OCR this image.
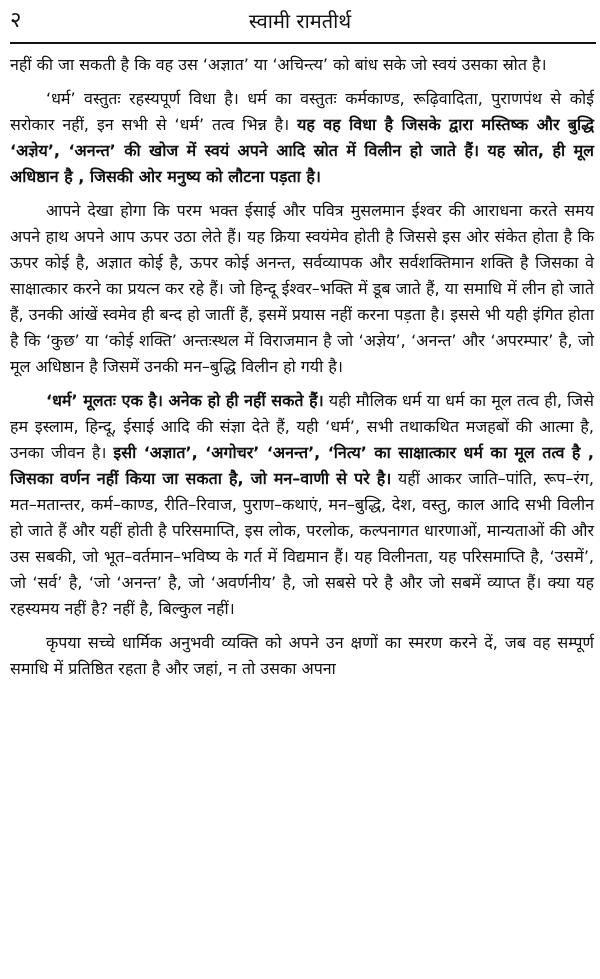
२	स्वामी रामतीर्थ

नहीं की जा सकती है कि वह उस ‘अज्ञात’ या ‘अचिन्त्य’ को बांध सके जो स्वयं उसका स्रोत है।

‘धर्म’ वस्तुतः रहस्यपूर्ण विधा है। धर्म का वस्तुतः कर्मकाण्ड, रूढ़िवादिता, पुराणपंथ से कोई सरोकार नहीं, इन सभी से ‘धर्म’ तत्व भिन्न है। यह वह विधा है जिसके द्वारा मस्तिष्क और बुद्धि ‘अज्ञेय’, ‘अनन्त’ की खोज में स्वयं अपने आदि स्रोत में विलीन हो जाते हैं। यह स्रोत, ही मूल अधिष्ठान है , जिसकी ओर मनुष्य को लौटना पड़ता है।

आपने देखा होगा कि परम भक्त ईसाई और पवित्र मुसलमान ईश्वर की आराधना करते समय अपने हाथ अपने आप ऊपर उठा लेते हैं। यह क्रिया स्वयंमेव होती है जिससे इस ओर संकेत होता है कि ऊपर कोई है, अज्ञात कोई है, ऊपर कोई अनन्त, सर्वव्यापक और सर्वशक्तिमान शक्ति है जिसका वे साक्षात्कार करने का प्रयत्न कर रहे हैं। जो हिन्दू ईश्वर–भक्ति में डूब जाते हैं, या समाधि में लीन हो जाते हैं, उनकी आंखें स्वमेव ही बन्द हो जातीं हैं, इसमें प्रयास नहीं करना पड़ता है। इससे भी यही इंगित होता है कि ‘कुछ’ या ‘कोई शक्ति’ अन्तःस्थल में विराजमान है जो ‘अज्ञेय’, ‘अनन्त’ और ‘अपरम्पार’ है, जो मूल अधिष्ठान है जिसमें उनकी मन–बुद्धि विलीन हो गयी है।

‘धर्म’ मूलतः एक है। अनेक हो ही नहीं सकते हैं। यही मौलिक धर्म या धर्म का मूल तत्व ही, जिसे हम इस्लाम, हिन्दू, ईसाई आदि की संज्ञा देते हैं, यही ‘धर्म’, सभी तथाकथित मजहबों की आत्मा है, उनका जीवन है। इसी ‘अज्ञात’, ‘अगोचर’ ‘अनन्त’, ‘नित्य’ का साक्षात्कार धर्म का मूल तत्व है , जिसका वर्णन नहीं किया जा सकता है, जो मन–वाणी से परे है। यहीं आकर जाति–पांति, रूप–रंग, मत–मतान्तर, कर्म–काण्ड, रीति–रिवाज, पुराण–कथाएं, मन–बुद्धि, देश, वस्तु, काल आदि सभी विलीन हो जाते हैं और यहीं होती है परिसमाप्ति, इस लोक, परलोक, कल्पनागत धारणाओं, मान्यताओं की और उस सबकी, जो भूत–वर्तमान–भविष्य के गर्त में विद्यमान हैं। यह विलीनता, यह परिसमाप्ति है, ‘उसमें’, जो ‘सर्व’ है, ‘जो ‘अनन्त’ है, जो ‘अवर्णनीय’ है, जो सबसे परे है और जो सबमें व्याप्त हैं। क्या यह रहस्यमय नहीं है? नहीं है, बिल्कुल नहीं।

कृपया सच्चे धार्मिक अनुभवी व्यक्ति को अपने उन क्षणों का स्मरण करने दें, जब वह सम्पूर्ण समाधि में प्रतिष्ठित रहता है और जहां, न तो उसका अपना
